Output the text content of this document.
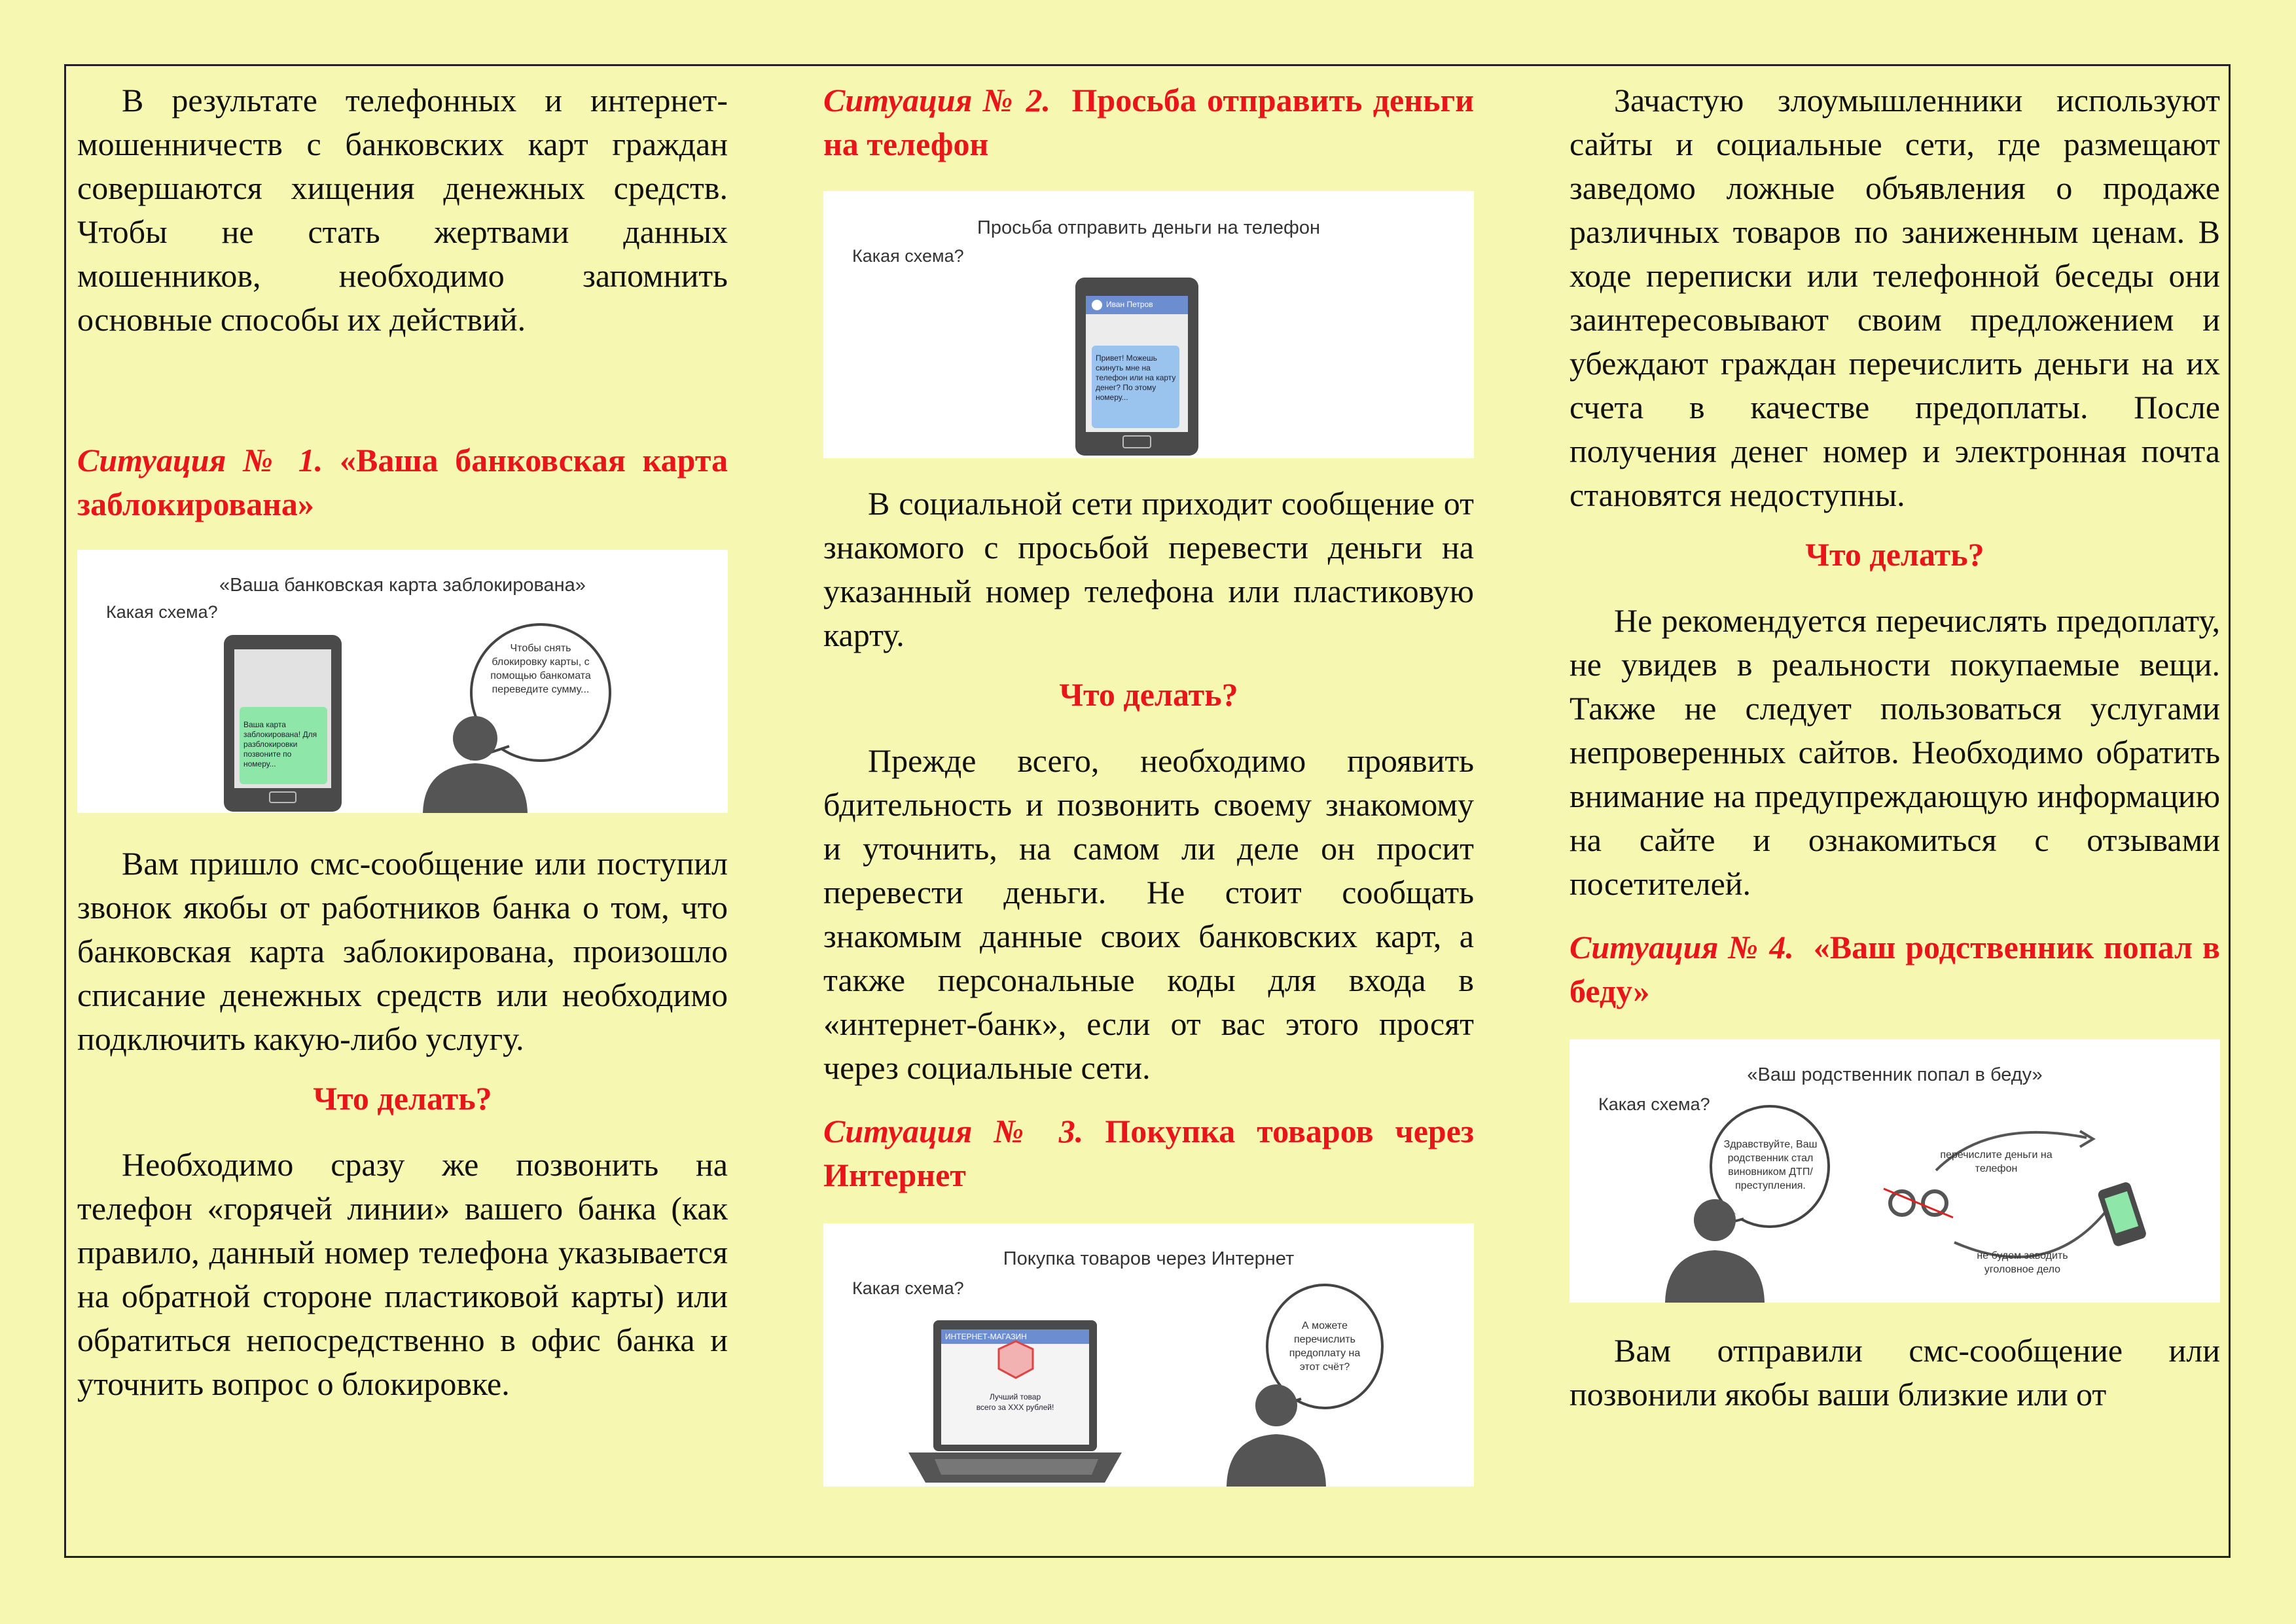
В результате телефонных и интернет-мошенничеств с банковских карт граждан совершаются хищения денежных средств. Чтобы не стать жертвами данных мошенников, необходимо запомнить основные способы их действий.

Ситуация № 1. «Ваша банковская карта заблокирована»

«Ваша банковская карта заблокирована»
Какая схема?
Ваша карта заблокирована! Для разблокировки позвоните по номеру...
Чтобы снять блокировку карты, с помощью банкомата переведите сумму...

Вам пришло смс-сообщение или поступил звонок якобы от работников банка о том, что банковская карта заблокирована, произошло списание денежных средств или необходимо подключить какую-либо услугу.

Что делать?

Необходимо сразу же позвонить на телефон «горячей линии» вашего банка (как правило, данный номер телефона указывается на обратной стороне пластиковой карты) или обратиться непосредственно в офис банка и уточнить вопрос о блокировке.

Ситуация № 2. Просьба отправить деньги на телефон

Просьба отправить деньги на телефон
Какая схема?
Иван Петров
Привет! Можешь скинуть мне на телефон или на карту денег? По этому номеру...

В социальной сети приходит сообщение от знакомого с просьбой перевести деньги на указанный номер телефона или пластиковую карту.

Что делать?

Прежде всего, необходимо проявить бдительность и позвонить своему знакомому и уточнить, на самом ли деле он просит перевести деньги. Не стоит сообщать знакомым данные своих банковских карт, а также персональные коды для входа в «интернет-банк», если от вас этого просят через социальные сети.

Ситуация № 3. Покупка товаров через Интернет

Покупка товаров через Интернет
Какая схема?
ИНТЕРНЕТ-МАГАЗИН
Лучший товар
всего за XXX рублей!
А можете перечислить предоплату на этот счёт?

Зачастую злоумышленники используют сайты и социальные сети, где размещают заведомо ложные объявления о продаже различных товаров по заниженным ценам. В ходе переписки или телефонной беседы они заинтересовывают своим предложением и убеждают граждан перечислить деньги на их счета в качестве предоплаты. После получения денег номер и электронная почта становятся недоступны.

Что делать?

Не рекомендуется перечислять предоплату, не увидев в реальности покупаемые вещи. Также не следует пользоваться услугами непроверенных сайтов. Необходимо обратить внимание на предупреждающую информацию на сайте и ознакомиться с отзывами посетителей.

Ситуация № 4. «Ваш родственник попал в беду»

«Ваш родственник попал в беду»
Какая схема?
Здравствуйте, Ваш родственник стал виновником ДТП/ преступления.
перечислите деньги на телефон
не будем заводить уголовное дело

Вам отправили смс-сообщение или позвонили якобы ваши близкие или от
